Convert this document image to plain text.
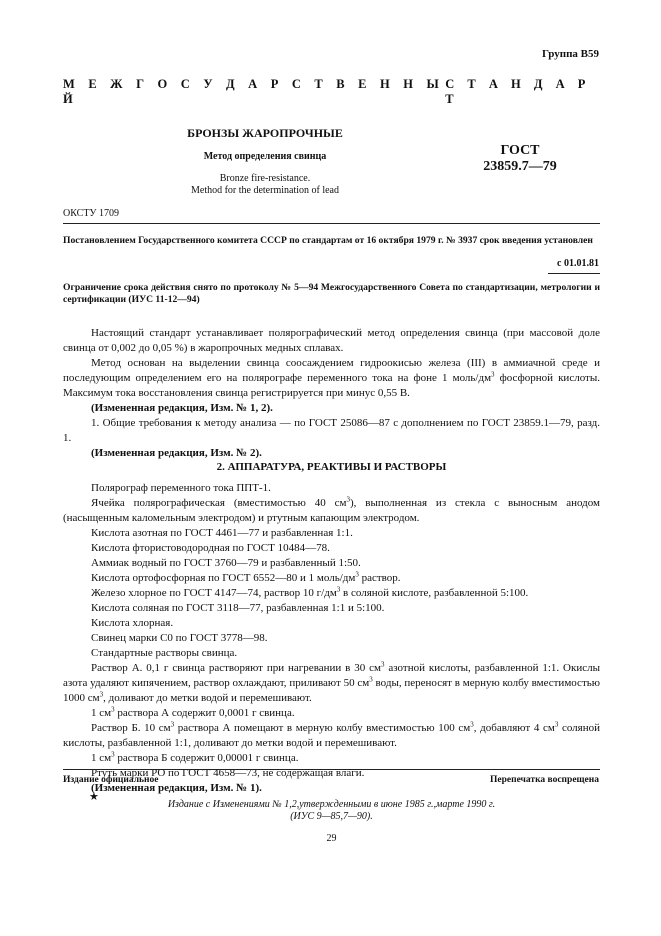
Группа В59
М Е Ж Г О С У Д А Р С Т В Е Н Н Ы Й
С Т А Н Д А Р Т
БРОНЗЫ ЖАРОПРОЧНЫЕ
Метод определения свинца
Bronze fire-resistance.
Method for the determination of lead
ГОСТ
23859.7—79
ОКСТУ 1709
Постановлением Государственного комитета СССР по стандартам от 16 октября 1979 г. № 3937 срок введения установлен
с 01.01.81
Ограничение срока действия снято по протоколу № 5—94 Межгосударственного Совета по стандартизации, метрологии и сертификации (ИУС 11-12—94)

Настоящий стандарт устанавливает полярографический метод определения свинца (при массовой доле свинца от 0,002 до 0,05 %) в жаропрочных медных сплавах.

Метод основан на выделении свинца соосаждением гидроокисью железа (III) в аммиачной среде и последующим определением его на полярографе переменного тока на фоне 1 моль/$дм^3$ фосфорной кислоты. Максимум тока восстановления свинца регистрируется при минус 0,55 В.

(Измененная редакция, Изм. № 1, 2).

1. Общие требования к методу анализа — по ГОСТ 25086—87 с дополнением по ГОСТ 23859.1—79, разд. 1.

(Измененная редакция, Изм. № 2).

2. АППАРАТУРА, РЕАКТИВЫ И РАСТВОРЫ

Полярограф переменного тока ППТ-1.

Ячейка полярографическая (вместимостью 40 $см^3$), выполненная из стекла с выносным анодом (насыщенным каломельным электродом) и ртутным капающим электродом.

Кислота азотная по ГОСТ 4461—77 и разбавленная 1:1.

Кислота фтористоводородная по ГОСТ 10484—78.

Аммиак водный по ГОСТ 3760—79 и разбавленный 1:50.

Кислота ортофосфорная по ГОСТ 6552—80 и 1 моль/$дм^3$ раствор.

Железо хлорное по ГОСТ 4147—74, раствор 10 $г/дм^3$ в соляной кислоте, разбавленной 5:100.

Кислота соляная по ГОСТ 3118—77, разбавленная 1:1 и 5:100.

Кислота хлорная.

Свинец марки С0 по ГОСТ 3778—98.

Стандартные растворы свинца.

Раствор А. 0,1 г свинца растворяют при нагревании в 30 $см^3$ азотной кислоты, разбавленной 1:1. Окислы азота удаляют кипячением, раствор охлаждают, приливают 50 $см^3$ воды, переносят в мерную колбу вместимостью 1000 $см^3$, доливают до метки водой и перемешивают.

1 $см^3$ раствора А содержит 0,0001 г свинца.

Раствор Б. 10 $см^3$ раствора А помещают в мерную колбу вместимостью 100 $см^3$, добавляют 4 $см^3$ соляной кислоты, разбавленной 1:1, доливают до метки водой и перемешивают.

1 $см^3$ раствора Б содержит 0,00001 г свинца.

Ртуть марки РО по ГОСТ 4658—73, не содержащая влаги.

(Измененная редакция, Изм. № 1).

Издание официальное	Перепечатка воспрещена
★
Издание с Изменениями № 1,2,утвержденными в июне 1985 г.,марте 1990 г.
(ИУС 9—85,7—90).
29
